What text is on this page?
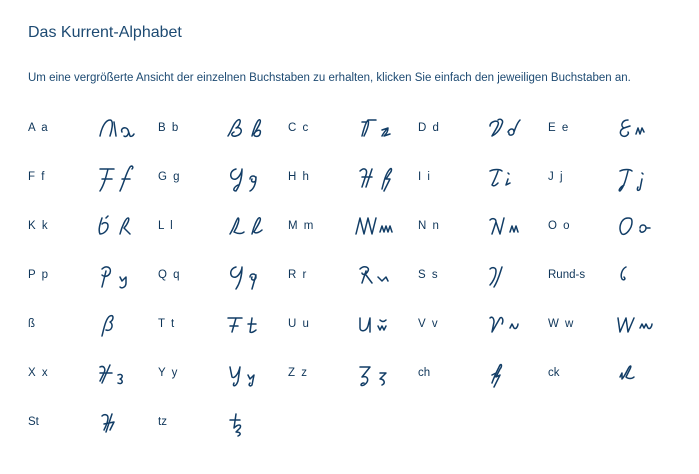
Das Kurrent-Alphabet

Um eine vergrößerte Ansicht der einzelnen Buchstaben zu erhalten, klicken Sie einfach den jeweiligen Buchstaben an.

A a	B b	C c	D d	E e
F f	G g	H h	I i	J j
K k	L l	M m	N n	O o
P p	Q q	R r	S s	Rund-s
ß	T t	U u	V v	W w
X x	Y y	Z z	ch	ck
St	tz
